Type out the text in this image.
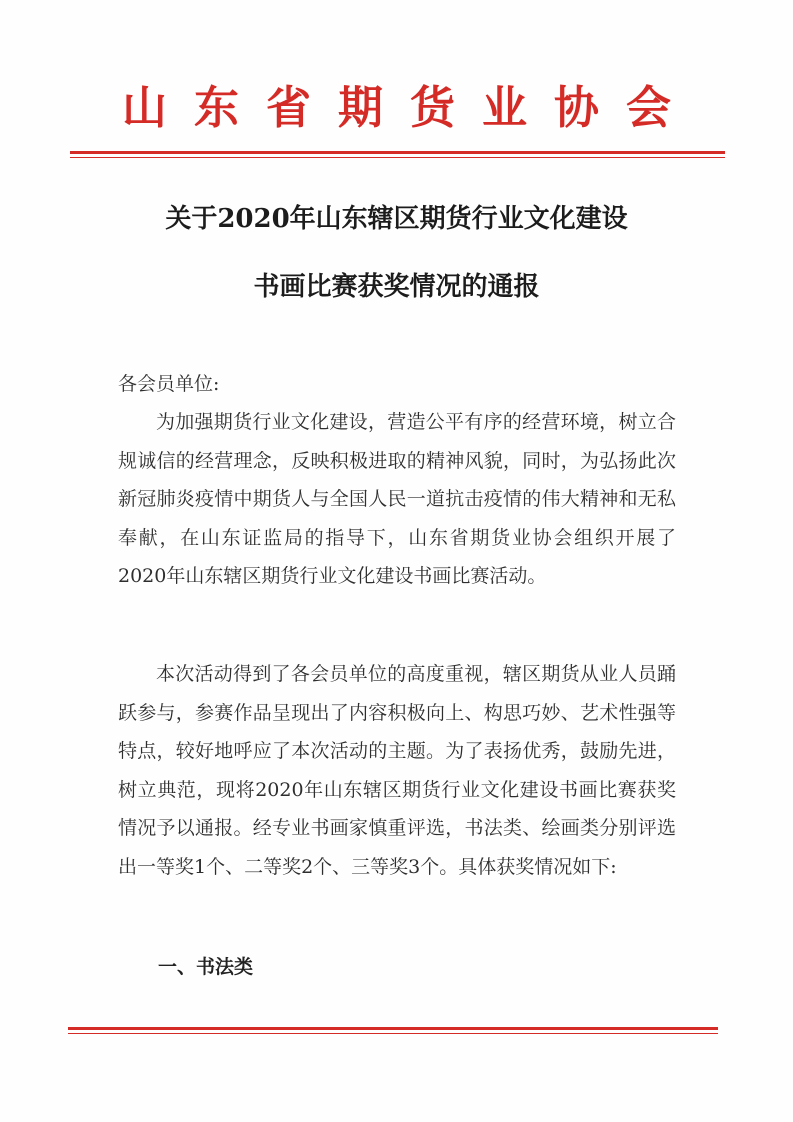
山东省期货业协会
关于2020年山东辖区期货行业文化建设
书画比赛获奖情况的通报
各会员单位:
为加强期货行业文化建设，营造公平有序的经营环境，树立合规诚信的经营理念，反映积极进取的精神风貌，同时，为弘扬此次新冠肺炎疫情中期货人与全国人民一道抗击疫情的伟大精神和无私奉献，在山东证监局的指导下，山东省期货业协会组织开展了2020年山东辖区期货行业文化建设书画比赛活动。
本次活动得到了各会员单位的高度重视，辖区期货从业人员踊跃参与，参赛作品呈现出了内容积极向上、构思巧妙、艺术性强等特点，较好地呼应了本次活动的主题。为了表扬优秀，鼓励先进，树立典范，现将2020年山东辖区期货行业文化建设书画比赛获奖情况予以通报。经专业书画家慎重评选，书法类、绘画类分别评选出一等奖1个、二等奖2个、三等奖3个。具体获奖情况如下:
一、书法类
